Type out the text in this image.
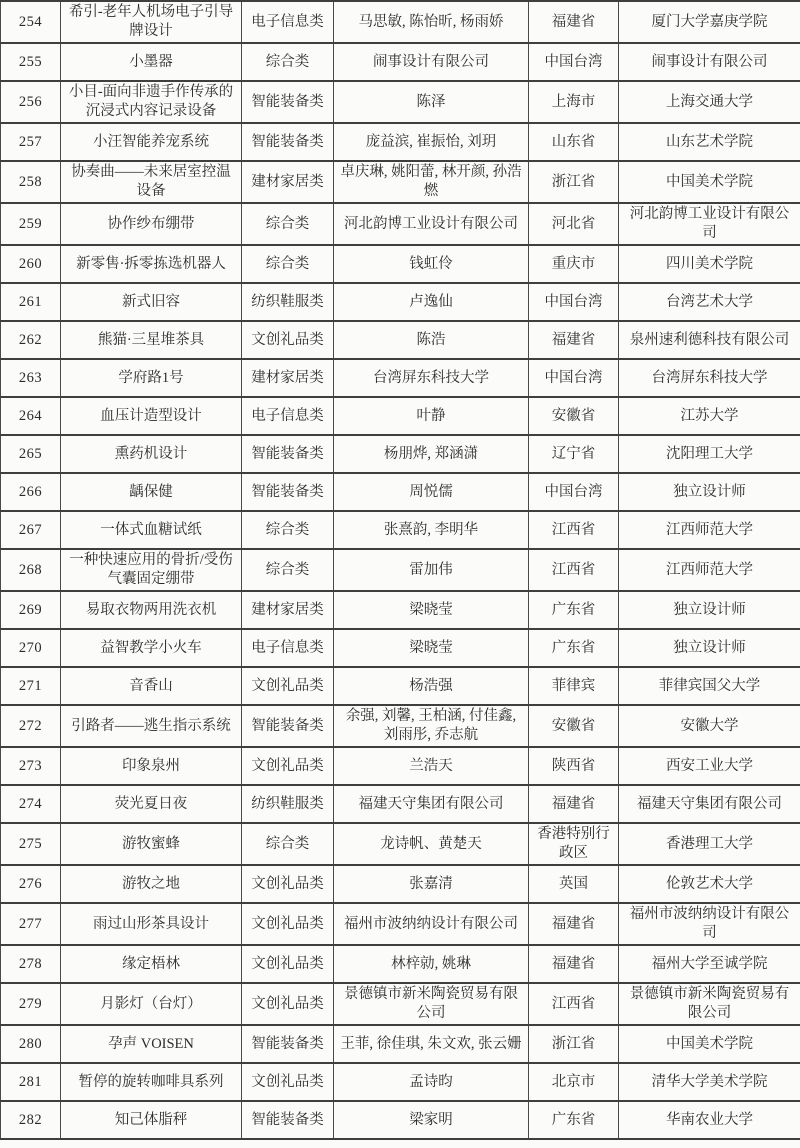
254	希引-老年人机场电子引导牌设计	电子信息类	马思敏, 陈怡昕, 杨雨娇	福建省	厦门大学嘉庚学院
255	小墨器	综合类	闹事设计有限公司	中国台湾	闹事设计有限公司
256	小目-面向非遗手作传承的沉浸式内容记录设备	智能装备类	陈泽	上海市	上海交通大学
257	小汪智能养宠系统	智能装备类	庞益滨, 崔振怡, 刘玥	山东省	山东艺术学院
258	协奏曲——未来居室控温设备	建材家居类	卓庆琳, 姚阳蕾, 林开颜, 孙浩燃	浙江省	中国美术学院
259	协作纱布绷带	综合类	河北韵博工业设计有限公司	河北省	河北韵博工业设计有限公司
260	新零售·拆零拣选机器人	综合类	钱虹伶	重庆市	四川美术学院
261	新式旧容	纺织鞋服类	卢逸仙	中国台湾	台湾艺术大学
262	熊猫·三星堆茶具	文创礼品类	陈浩	福建省	泉州速利德科技有限公司
263	学府路1号	建材家居类	台湾屏东科技大学	中国台湾	台湾屏东科技大学
264	血压计造型设计	电子信息类	叶静	安徽省	江苏大学
265	熏药机设计	智能装备类	杨朋烨, 郑涵潇	辽宁省	沈阳理工大学
266	龋保健	智能装备类	周悦儒	中国台湾	独立设计师
267	一体式血糖试纸	综合类	张熹韵, 李明华	江西省	江西师范大学
268	一种快速应用的骨折/受伤气囊固定绷带	综合类	雷加伟	江西省	江西师范大学
269	易取衣物两用洗衣机	建材家居类	梁晓莹	广东省	独立设计师
270	益智教学小火车	电子信息类	梁晓莹	广东省	独立设计师
271	音香山	文创礼品类	杨浩强	菲律宾	菲律宾国父大学
272	引路者——逃生指示系统	智能装备类	余强, 刘馨, 王柏涵, 付佳鑫, 刘雨彤, 乔志航	安徽省	安徽大学
273	印象泉州	文创礼品类	兰浩天	陕西省	西安工业大学
274	荧光夏日夜	纺织鞋服类	福建天守集团有限公司	福建省	福建天守集团有限公司
275	游牧蜜蜂	综合类	龙诗帆、黄楚天	香港特别行政区	香港理工大学
276	游牧之地	文创礼品类	张嘉清	英国	伦敦艺术大学
277	雨过山形茶具设计	文创礼品类	福州市波纳纳设计有限公司	福建省	福州市波纳纳设计有限公司
278	缘定梧林	文创礼品类	林梓勍, 姚琳	福建省	福州大学至诚学院
279	月影灯（台灯）	文创礼品类	景德镇市新米陶瓷贸易有限公司	江西省	景德镇市新米陶瓷贸易有限公司
280	孕声 VOISEN	智能装备类	王菲, 徐佳琪, 朱文欢, 张云姗	浙江省	中国美术学院
281	暂停的旋转咖啡具系列	文创礼品类	孟诗昀	北京市	清华大学美术学院
282	知己体脂秤	智能装备类	梁家明	广东省	华南农业大学
